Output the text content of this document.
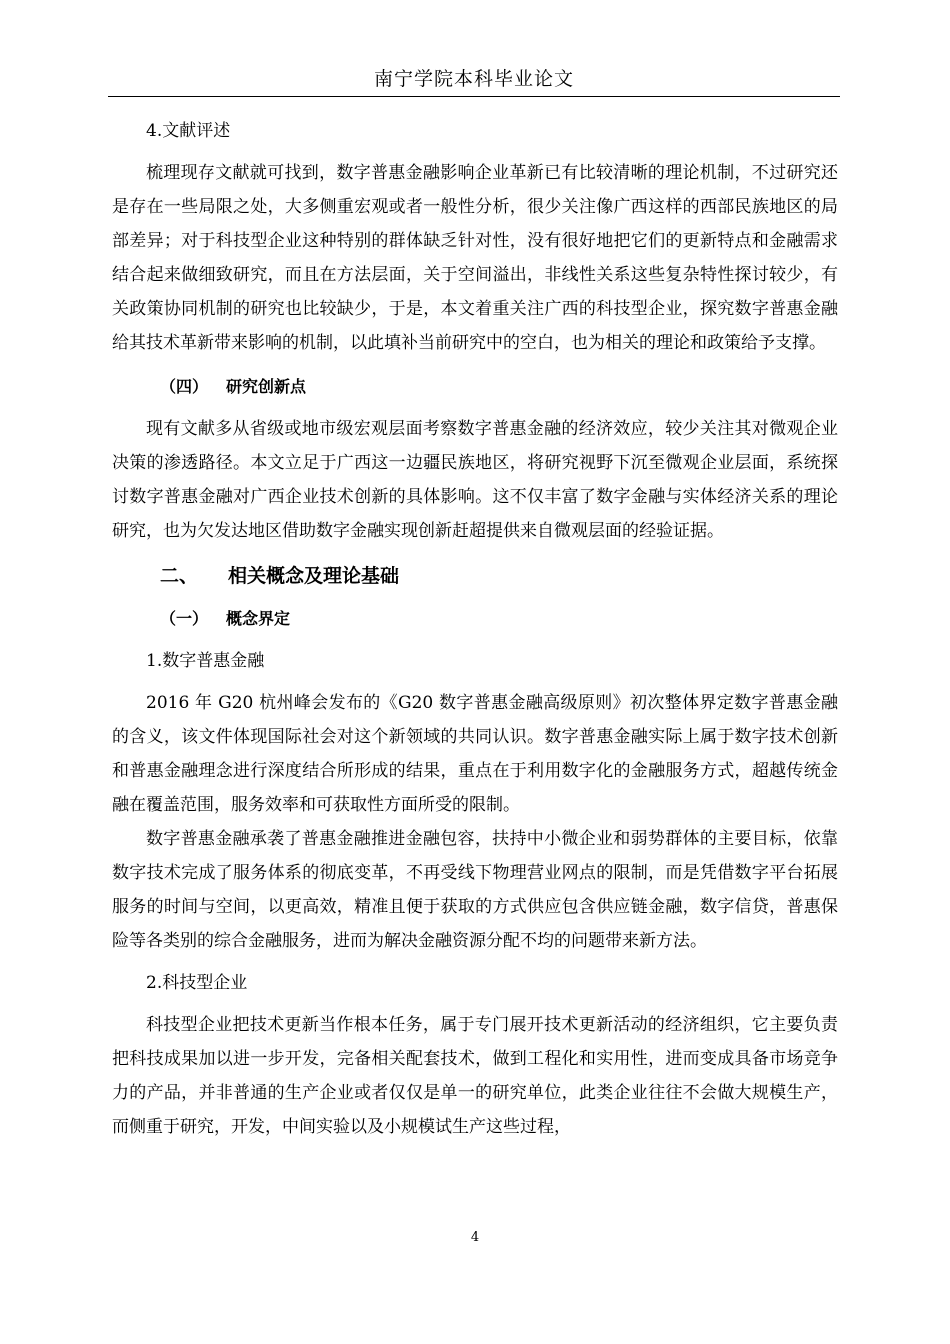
南宁学院本科毕业论文

4.文献评述

梳理现存文献就可找到，数字普惠金融影响企业革新已有比较清晰的理论机制，不过研究还是存在一些局限之处，大多侧重宏观或者一般性分析，很少关注像广西这样的西部民族地区的局部差异；对于科技型企业这种特别的群体缺乏针对性，没有很好地把它们的更新特点和金融需求结合起来做细致研究，而且在方法层面，关于空间溢出，非线性关系这些复杂特性探讨较少，有关政策协同机制的研究也比较缺少，于是，本文着重关注广西的科技型企业，探究数字普惠金融给其技术革新带来影响的机制，以此填补当前研究中的空白，也为相关的理论和政策给予支撑。

（四） 研究创新点

现有文献多从省级或地市级宏观层面考察数字普惠金融的经济效应，较少关注其对微观企业决策的渗透路径。本文立足于广西这一边疆民族地区，将研究视野下沉至微观企业层面，系统探讨数字普惠金融对广西企业技术创新的具体影响。这不仅丰富了数字金融与实体经济关系的理论研究，也为欠发达地区借助数字金融实现创新赶超提供来自微观层面的经验证据。

二、 相关概念及理论基础

（一） 概念界定

1.数字普惠金融

2016 年 G20 杭州峰会发布的《G20 数字普惠金融高级原则》初次整体界定数字普惠金融的含义，该文件体现国际社会对这个新领域的共同认识。数字普惠金融实际上属于数字技术创新和普惠金融理念进行深度结合所形成的结果，重点在于利用数字化的金融服务方式，超越传统金融在覆盖范围，服务效率和可获取性方面所受的限制。

数字普惠金融承袭了普惠金融推进金融包容，扶持中小微企业和弱势群体的主要目标，依靠数字技术完成了服务体系的彻底变革，不再受线下物理营业网点的限制，而是凭借数字平台拓展服务的时间与空间，以更高效，精准且便于获取的方式供应包含供应链金融，数字信贷，普惠保险等各类别的综合金融服务，进而为解决金融资源分配不均的问题带来新方法。

2.科技型企业

科技型企业把技术更新当作根本任务，属于专门展开技术更新活动的经济组织，它主要负责把科技成果加以进一步开发，完备相关配套技术，做到工程化和实用性，进而变成具备市场竞争力的产品，并非普通的生产企业或者仅仅是单一的研究单位，此类企业往往不会做大规模生产，而侧重于研究，开发，中间实验以及小规模试生产这些过程，

4
